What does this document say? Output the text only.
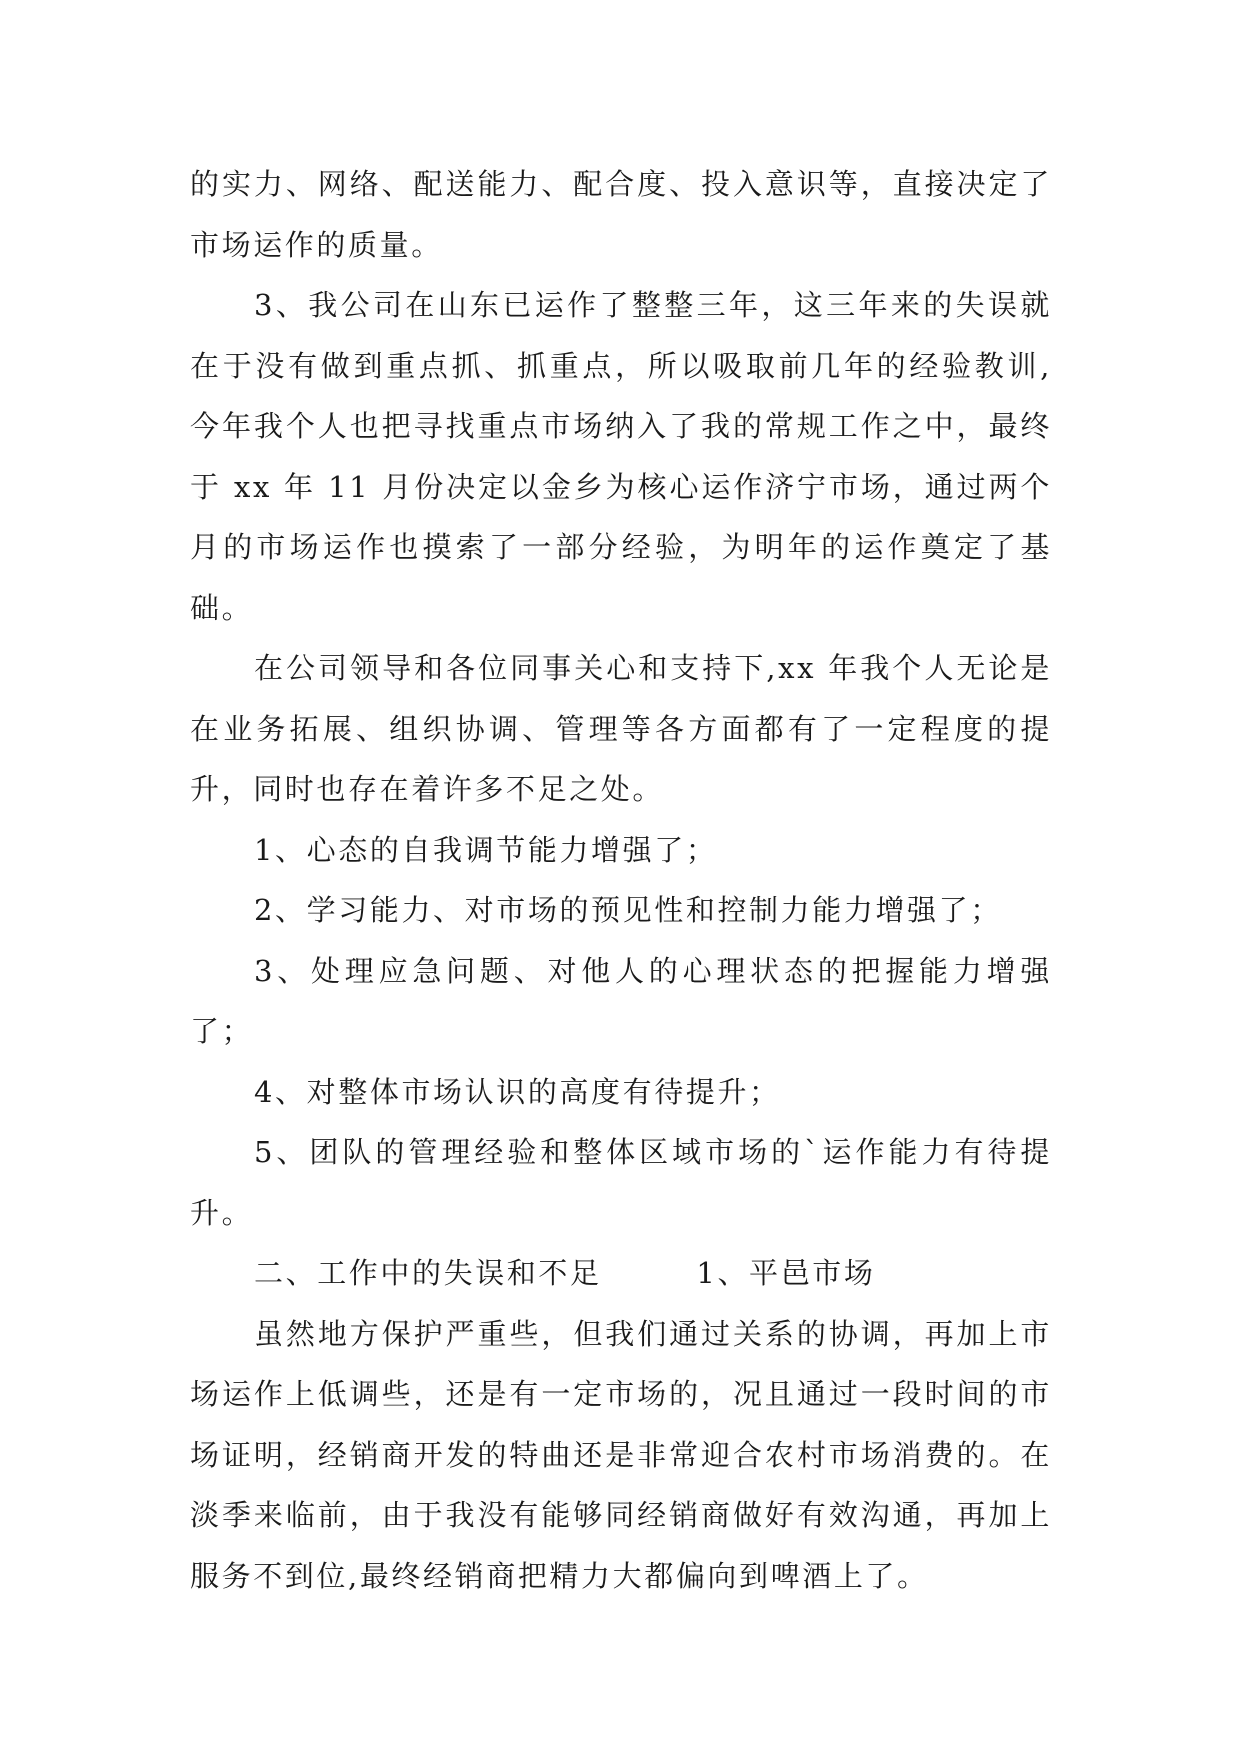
的实力、网络、配送能力、配合度、投入意识等，直接决定了市场运作的质量。

3、我公司在山东已运作了整整三年，这三年来的失误就在于没有做到重点抓、抓重点，所以吸取前几年的经验教训,今年我个人也把寻找重点市场纳入了我的常规工作之中，最终于 xx 年 11 月份决定以金乡为核心运作济宁市场，通过两个月的市场运作也摸索了一部分经验，为明年的运作奠定了基础。

在公司领导和各位同事关心和支持下,xx 年我个人无论是在业务拓展、组织协调、管理等各方面都有了一定程度的提升，同时也存在着许多不足之处。

1、心态的自我调节能力增强了；

2、学习能力、对市场的预见性和控制力能力增强了；

3、处理应急问题、对他人的心理状态的把握能力增强了；

4、对整体市场认识的高度有待提升；

5、团队的管理经验和整体区域市场的`运作能力有待提升。

二、工作中的失误和不足　　　1、平邑市场

虽然地方保护严重些，但我们通过关系的协调，再加上市场运作上低调些，还是有一定市场的，况且通过一段时间的市场证明，经销商开发的特曲还是非常迎合农村市场消费的。在淡季来临前，由于我没有能够同经销商做好有效沟通，再加上服务不到位,最终经销商把精力大都偏向到啤酒上了。
